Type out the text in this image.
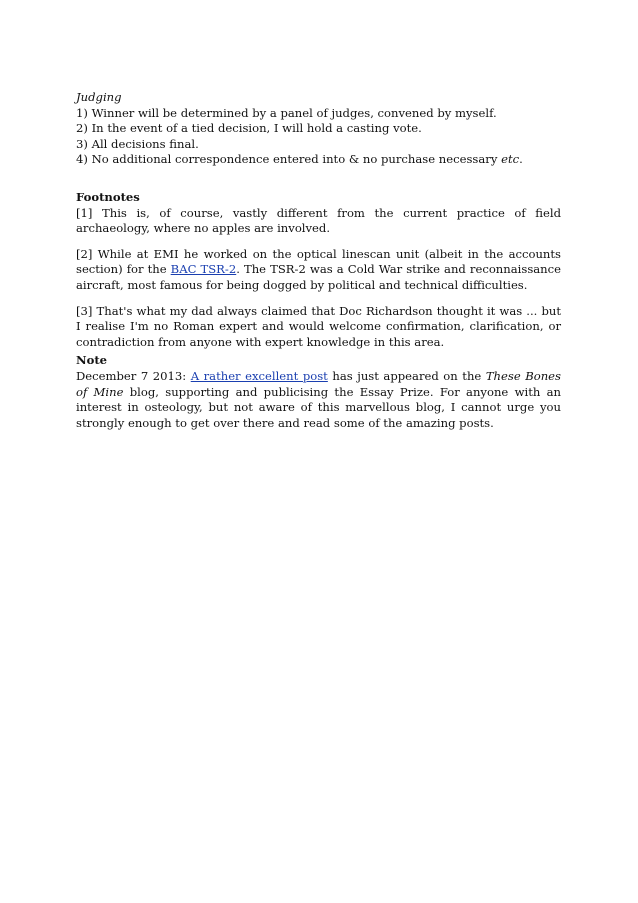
Judging
1) Winner will be determined by a panel of judges, convened by myself.
2) In the event of a tied decision, I will hold a casting vote.
3) All decisions final.
4) No additional correspondence entered into & no purchase necessary etc.
Footnotes
[1] This is, of course, vastly different from the current practice of field archaeology, where no apples are involved.
[2] While at EMI he worked on the optical linescan unit (albeit in the accounts section) for the BAC TSR-2. The TSR-2 was a Cold War strike and reconnaissance aircraft, most famous for being dogged by political and technical difficulties.
[3] That's what my dad always claimed that Doc Richardson thought it was ... but I realise I'm no Roman expert and would welcome confirmation, clarification, or contradiction from anyone with expert knowledge in this area.
Note
December 7 2013: A rather excellent post has just appeared on the These Bones of Mine blog, supporting and publicising the Essay Prize. For anyone with an interest in osteology, but not aware of this marvellous blog, I cannot urge you strongly enough to get over there and read some of the amazing posts.
